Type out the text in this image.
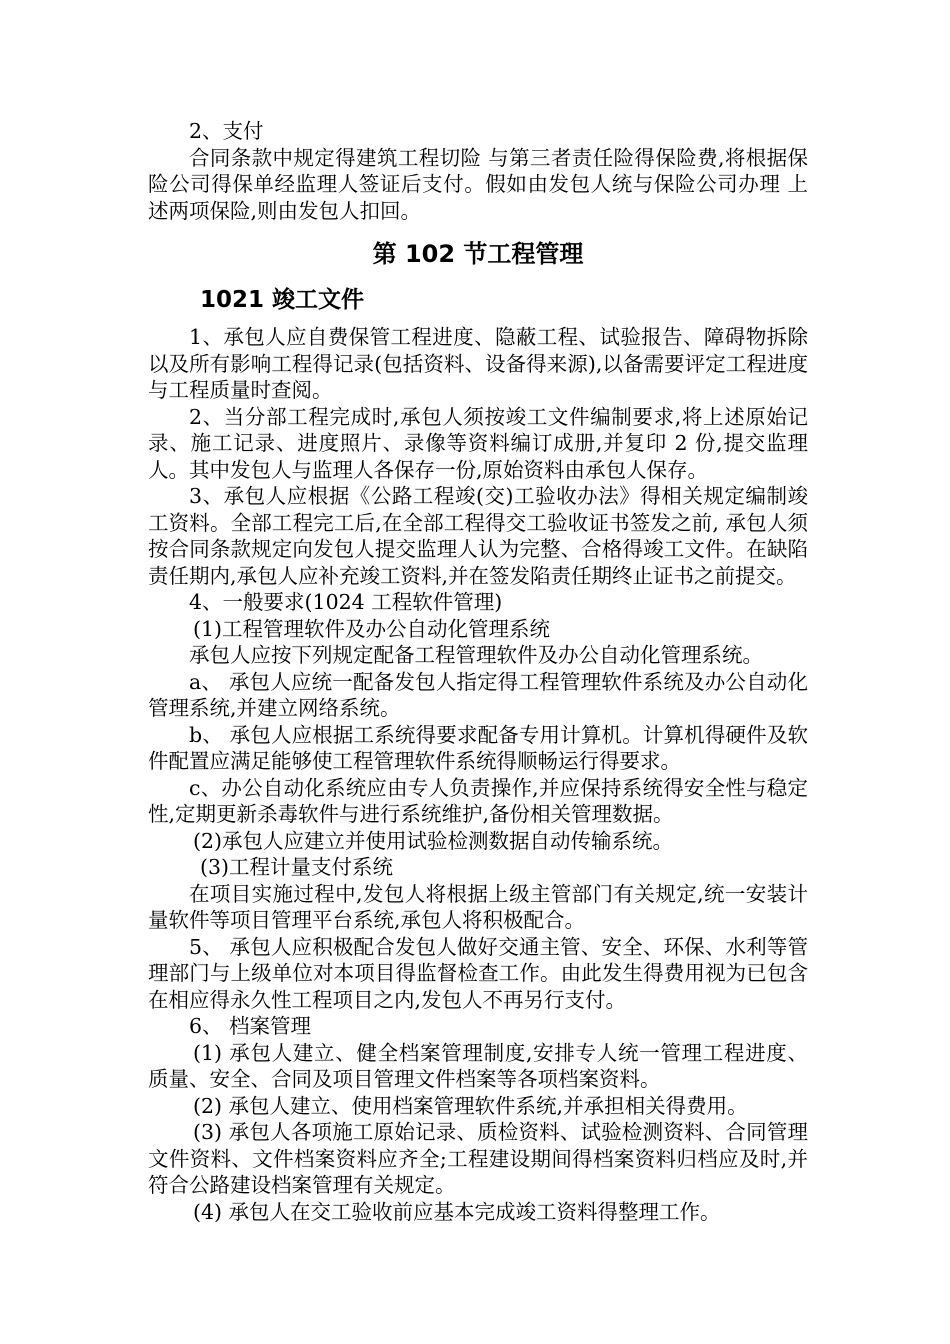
2、支付

合同条款中规定得建筑工程切险 与第三者责任险得保险费,将根据保险公司得保单经监理人签证后支付。假如由发包人统与保险公司办理 上述两项保险,则由发包人扣回。

第 102 节工程管理
1021 竣工文件

1、承包人应自费保管工程进度、隐蔽工程、试验报告、障碍物拆除以及所有影响工程得记录(包括资料、设备得来源),以备需要评定工程进度与工程质量时查阅。

2、当分部工程完成时,承包人须按竣工文件编制要求,将上述原始记录、施工记录、进度照片、录像等资料编订成册,并复印 2 份,提交监理人。其中发包人与监理人各保存一份,原始资料由承包人保存。

3、承包人应根据《公路工程竣(交)工验收办法》得相关规定编制竣工资料。全部工程完工后,在全部工程得交工验收证书签发之前, 承包人须按合同条款规定向发包人提交监理人认为完整、合格得竣工文件。在缺陷责任期内,承包人应补充竣工资料,并在签发陷责任期终止证书之前提交。

4、一般要求(1024 工程软件管理)

(1)工程管理软件及办公自动化管理系统

承包人应按下列规定配备工程管理软件及办公自动化管理系统。

a、 承包人应统一配备发包人指定得工程管理软件系统及办公自动化管理系统,并建立网络系统。

b、 承包人应根据工系统得要求配备专用计算机。计算机得硬件及软件配置应满足能够使工程管理软件系统得顺畅运行得要求。

c、办公自动化系统应由专人负责操作,并应保持系统得安全性与稳定性,定期更新杀毒软件与进行系统维护,备份相关管理数据。

(2)承包人应建立并使用试验检测数据自动传输系统。

(3)工程计量支付系统

在项目实施过程中,发包人将根据上级主管部门有关规定,统一安装计量软件等项目管理平台系统,承包人将积极配合。

5、 承包人应积极配合发包人做好交通主管、安全、环保、水利等管理部门与上级单位对本项目得监督检查工作。由此发生得费用视为已包含在相应得永久性工程项目之内,发包人不再另行支付。

6、 档案管理

(1) 承包人建立、健全档案管理制度,安排专人统一管理工程进度、质量、安全、合同及项目管理文件档案等各项档案资料。

(2) 承包人建立、使用档案管理软件系统,并承担相关得费用。

(3) 承包人各项施工原始记录、质检资料、试验检测资料、合同管理文件资料、文件档案资料应齐全;工程建设期间得档案资料归档应及时,并符合公路建设档案管理有关规定。

(4) 承包人在交工验收前应基本完成竣工资料得整理工作。
